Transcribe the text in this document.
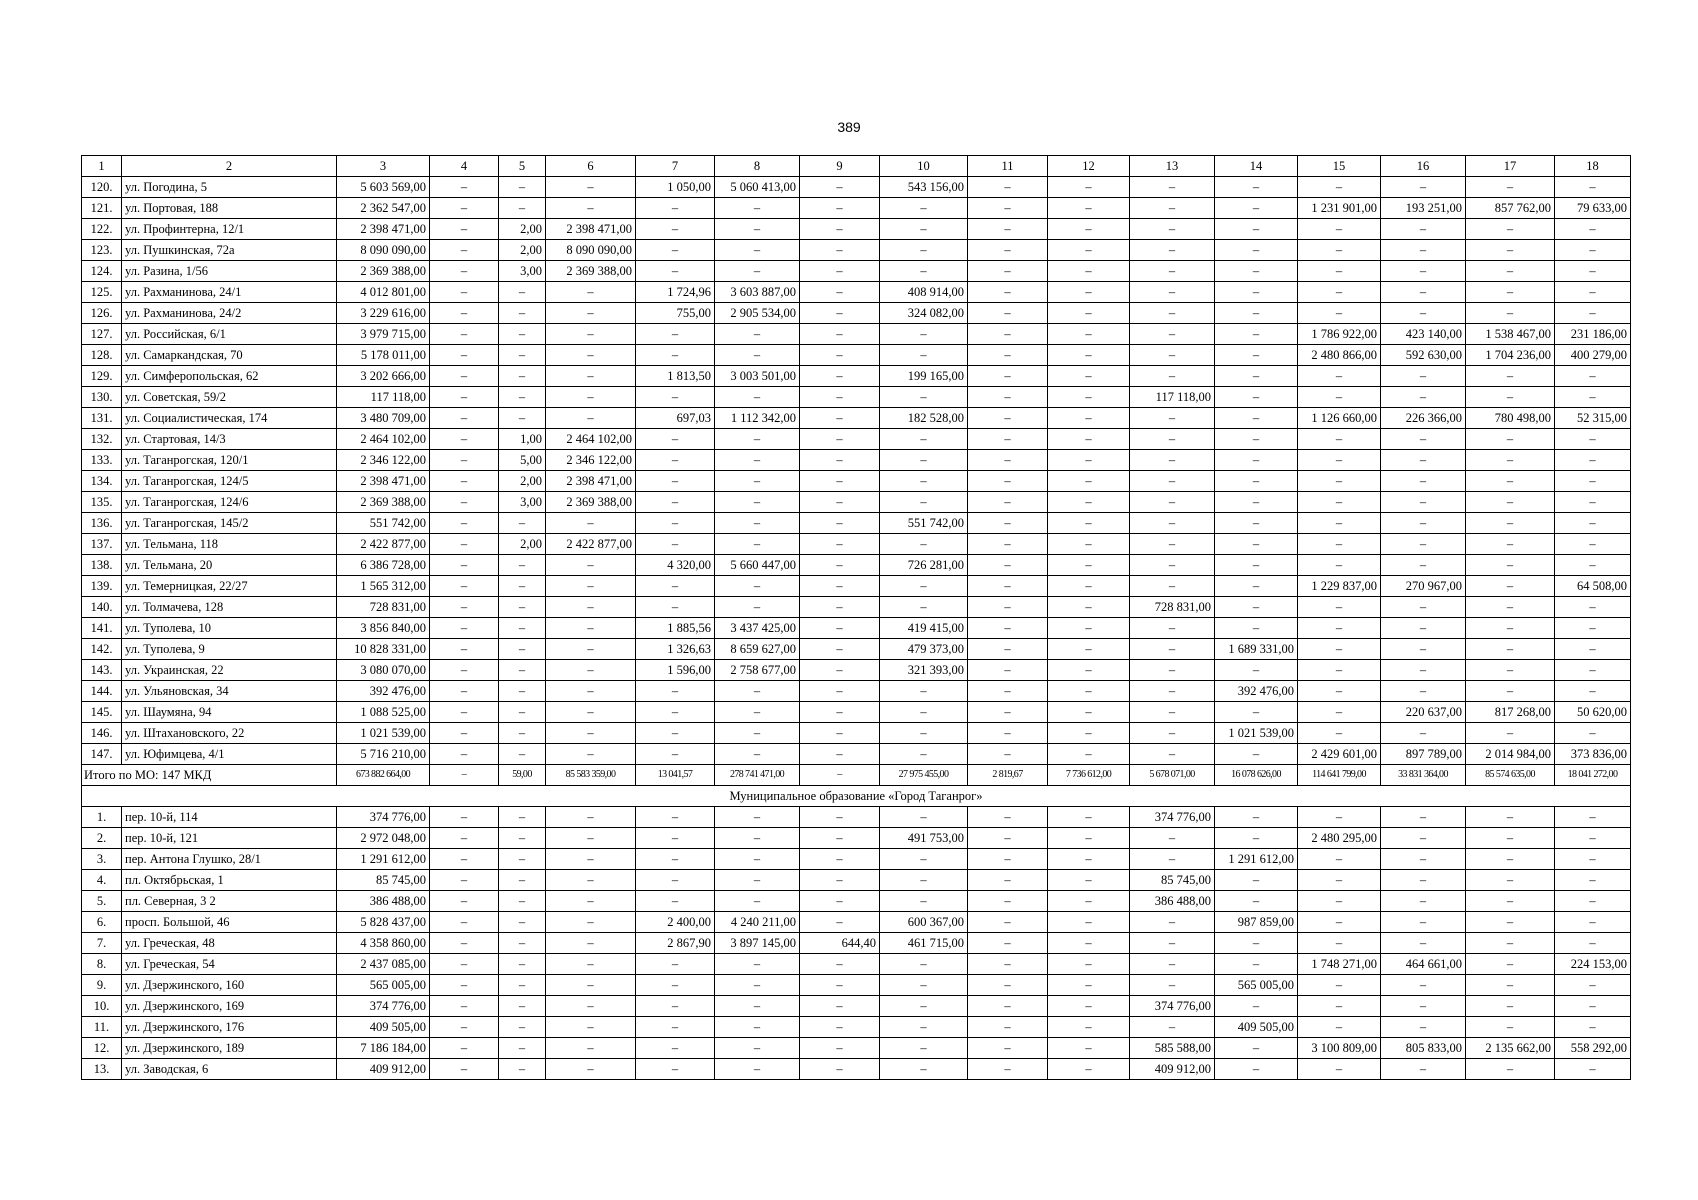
389
1	2	3	4	5	6	7	8	9	10	11	12	13	14	15	16	17	18
120.	ул. Погодина, 5	5 603 569,00	–	–	–	1 050,00	5 060 413,00	–	543 156,00	–	–	–	–	–	–	–	–
121.	ул. Портовая, 188	2 362 547,00	–	–	–	–	–	–	–	–	–	–	–	1 231 901,00	193 251,00	857 762,00	79 633,00
122.	ул. Профинтерна, 12/1	2 398 471,00	–	2,00	2 398 471,00	–	–	–	–	–	–	–	–	–	–	–	–
123.	ул. Пушкинская, 72а	8 090 090,00	–	2,00	8 090 090,00	–	–	–	–	–	–	–	–	–	–	–	–
124.	ул. Разина, 1/56	2 369 388,00	–	3,00	2 369 388,00	–	–	–	–	–	–	–	–	–	–	–	–
125.	ул. Рахманинова, 24/1	4 012 801,00	–	–	–	1 724,96	3 603 887,00	–	408 914,00	–	–	–	–	–	–	–	–
126.	ул. Рахманинова, 24/2	3 229 616,00	–	–	–	755,00	2 905 534,00	–	324 082,00	–	–	–	–	–	–	–	–
127.	ул. Российская, 6/1	3 979 715,00	–	–	–	–	–	–	–	–	–	–	–	1 786 922,00	423 140,00	1 538 467,00	231 186,00
128.	ул. Самаркандская, 70	5 178 011,00	–	–	–	–	–	–	–	–	–	–	–	2 480 866,00	592 630,00	1 704 236,00	400 279,00
129.	ул. Симферопольская, 62	3 202 666,00	–	–	–	1 813,50	3 003 501,00	–	199 165,00	–	–	–	–	–	–	–	–
130.	ул. Советская, 59/2	117 118,00	–	–	–	–	–	–	–	–	–	117 118,00	–	–	–	–	–
131.	ул. Социалистическая, 174	3 480 709,00	–	–	–	697,03	1 112 342,00	–	182 528,00	–	–	–	–	1 126 660,00	226 366,00	780 498,00	52 315,00
132.	ул. Стартовая, 14/3	2 464 102,00	–	1,00	2 464 102,00	–	–	–	–	–	–	–	–	–	–	–	–
133.	ул. Таганрогская, 120/1	2 346 122,00	–	5,00	2 346 122,00	–	–	–	–	–	–	–	–	–	–	–	–
134.	ул. Таганрогская, 124/5	2 398 471,00	–	2,00	2 398 471,00	–	–	–	–	–	–	–	–	–	–	–	–
135.	ул. Таганрогская, 124/6	2 369 388,00	–	3,00	2 369 388,00	–	–	–	–	–	–	–	–	–	–	–	–
136.	ул. Таганрогская, 145/2	551 742,00	–	–	–	–	–	–	551 742,00	–	–	–	–	–	–	–	–
137.	ул. Тельмана, 118	2 422 877,00	–	2,00	2 422 877,00	–	–	–	–	–	–	–	–	–	–	–	–
138.	ул. Тельмана, 20	6 386 728,00	–	–	–	4 320,00	5 660 447,00	–	726 281,00	–	–	–	–	–	–	–	–
139.	ул. Темерницкая, 22/27	1 565 312,00	–	–	–	–	–	–	–	–	–	–	–	1 229 837,00	270 967,00	–	64 508,00
140.	ул. Толмачева, 128	728 831,00	–	–	–	–	–	–	–	–	–	728 831,00	–	–	–	–	–
141.	ул. Туполева, 10	3 856 840,00	–	–	–	1 885,56	3 437 425,00	–	419 415,00	–	–	–	–	–	–	–	–
142.	ул. Туполева, 9	10 828 331,00	–	–	–	1 326,63	8 659 627,00	–	479 373,00	–	–	–	1 689 331,00	–	–	–	–
143.	ул. Украинская, 22	3 080 070,00	–	–	–	1 596,00	2 758 677,00	–	321 393,00	–	–	–	–	–	–	–	–
144.	ул. Ульяновская, 34	392 476,00	–	–	–	–	–	–	–	–	–	–	392 476,00	–	–	–	–
145.	ул. Шаумяна, 94	1 088 525,00	–	–	–	–	–	–	–	–	–	–	–	–	220 637,00	817 268,00	50 620,00
146.	ул. Штахановского, 22	1 021 539,00	–	–	–	–	–	–	–	–	–	–	1 021 539,00	–	–	–	–
147.	ул. Юфимцева, 4/1	5 716 210,00	–	–	–	–	–	–	–	–	–	–	–	2 429 601,00	897 789,00	2 014 984,00	373 836,00
Итого по МО: 147 МКД		673 882 664,00	–	59,00	85 583 359,00	13 041,57	278 741 471,00	–	27 975 455,00	2 819,67	7 736 612,00	5 678 071,00	16 078 626,00	114 641 799,00	33 831 364,00	85 574 635,00	18 041 272,00
Муниципальное образование «Город Таганрог»																	
1.	пер. 10-й, 114	374 776,00	–	–	–	–	–	–	–	–	–	374 776,00	–	–	–	–	–
2.	пер. 10-й, 121	2 972 048,00	–	–	–	–	–	–	491 753,00	–	–	–	–	2 480 295,00	–	–	–
3.	пер. Антона Глушко, 28/1	1 291 612,00	–	–	–	–	–	–	–	–	–	–	1 291 612,00	–	–	–	–
4.	пл. Октябрьская, 1	85 745,00	–	–	–	–	–	–	–	–	–	85 745,00	–	–	–	–	–
5.	пл. Северная, 3 2	386 488,00	–	–	–	–	–	–	–	–	–	386 488,00	–	–	–	–	–
6.	просп. Большой, 46	5 828 437,00	–	–	–	2 400,00	4 240 211,00	–	600 367,00	–	–	–	987 859,00	–	–	–	–
7.	ул. Греческая, 48	4 358 860,00	–	–	–	2 867,90	3 897 145,00	644,40	461 715,00	–	–	–	–	–	–	–	–
8.	ул. Греческая, 54	2 437 085,00	–	–	–	–	–	–	–	–	–	–	–	1 748 271,00	464 661,00	–	224 153,00
9.	ул. Дзержинского, 160	565 005,00	–	–	–	–	–	–	–	–	–	–	565 005,00	–	–	–	–
10.	ул. Дзержинского, 169	374 776,00	–	–	–	–	–	–	–	–	–	374 776,00	–	–	–	–	–
11.	ул. Дзержинского, 176	409 505,00	–	–	–	–	–	–	–	–	–	–	409 505,00	–	–	–	–
12.	ул. Дзержинского, 189	7 186 184,00	–	–	–	–	–	–	–	–	–	585 588,00	–	3 100 809,00	805 833,00	2 135 662,00	558 292,00
13.	ул. Заводская, 6	409 912,00	–	–	–	–	–	–	–	–	–	409 912,00	–	–	–	–	–
